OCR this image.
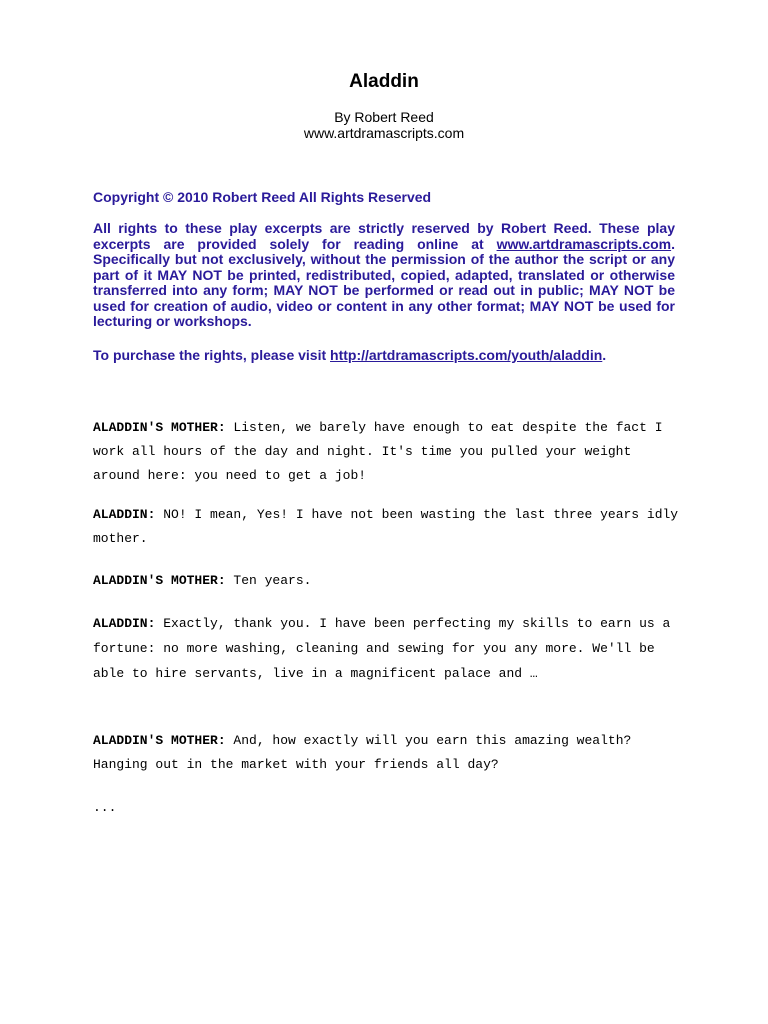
Aladdin
By Robert Reed
www.artdramascripts.com
Copyright © 2010 Robert Reed All Rights Reserved
All rights to these play excerpts are strictly reserved by Robert Reed. These play excerpts are provided solely for reading online at www.artdramascripts.com. Specifically but not exclusively, without the permission of the author the script or any part of it MAY NOT be printed, redistributed, copied, adapted, translated or otherwise transferred into any form; MAY NOT be performed or read out in public; MAY NOT be used for creation of audio, video or content in any other format; MAY NOT be used for lecturing or workshops.
To purchase the rights, please visit http://artdramascripts.com/youth/aladdin.
ALADDIN'S MOTHER: Listen, we barely have enough to eat despite the fact I work all hours of the day and night. It's time you pulled your weight around here: you need to get a job!
ALADDIN: NO! I mean, Yes! I have not been wasting the last three years idly mother.
ALADDIN'S MOTHER: Ten years.
ALADDIN: Exactly, thank you. I have been perfecting my skills to earn us a fortune: no more washing, cleaning and sewing for you any more. We'll be able to hire servants, live in a magnificent palace and …
ALADDIN'S MOTHER: And, how exactly will you earn this amazing wealth? Hanging out in the market with your friends all day?
...
